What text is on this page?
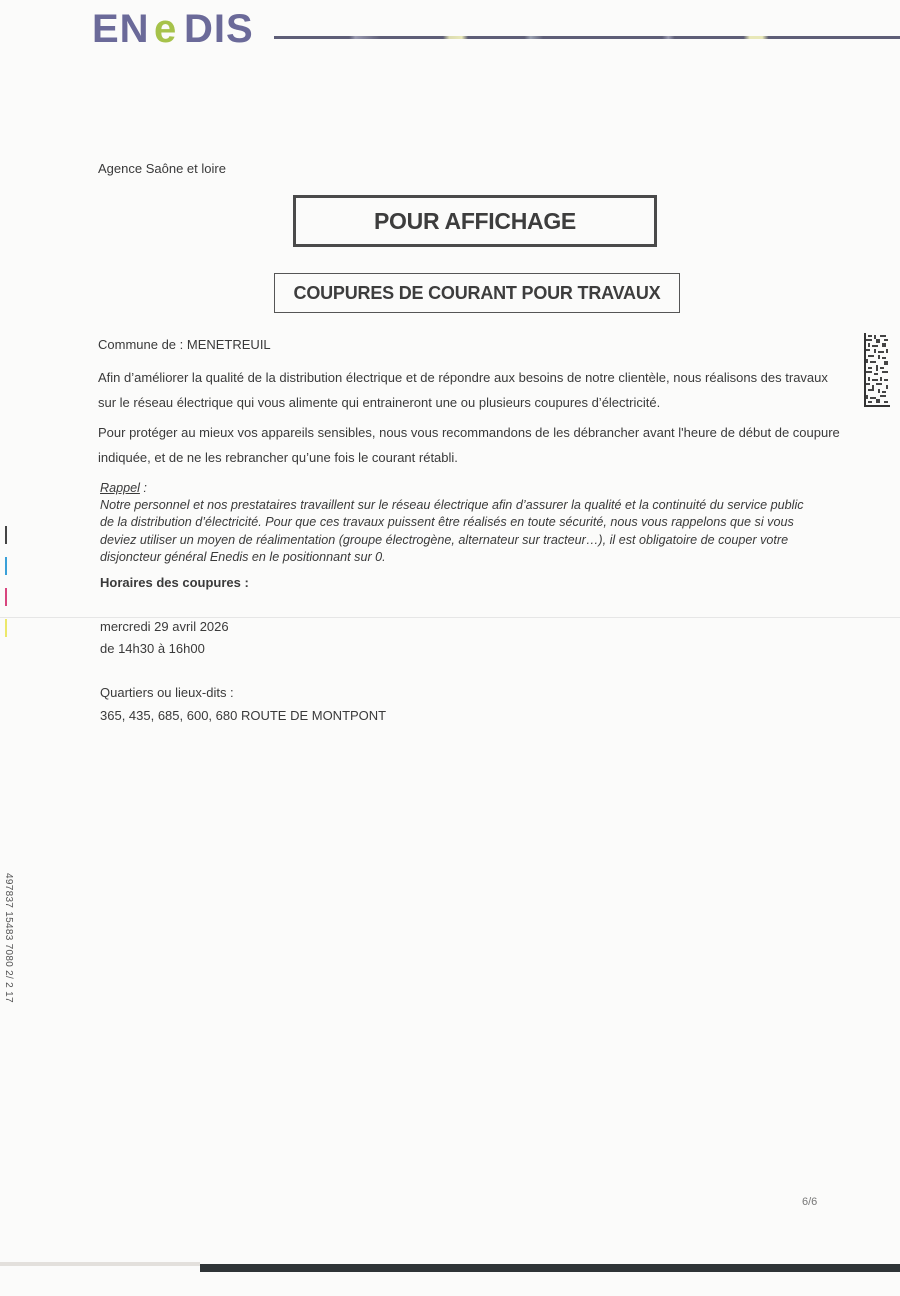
EN e DIS
Agence Saône et loire
POUR AFFICHAGE
COUPURES DE COURANT POUR TRAVAUX
Commune de : MENETREUIL
Afin d’améliorer la qualité de la distribution électrique et de répondre aux besoins de notre clientèle, nous réalisons des travaux
sur le réseau électrique qui vous alimente qui entraineront une ou plusieurs coupures d’électricité.
Pour protéger au mieux vos appareils sensibles, nous vous recommandons de les débrancher avant l'heure de début de coupure
indiquée, et de ne les rebrancher qu’une fois le courant rétabli.
Rappel :
Notre personnel et nos prestataires travaillent sur le réseau électrique afin d’assurer la qualité et la continuité du service public
de la distribution d’électricité. Pour que ces travaux puissent être réalisés en toute sécurité, nous vous rappelons que si vous
deviez utiliser un moyen de réalimentation (groupe électrogène, alternateur sur tracteur…), il est obligatoire de couper votre
disjoncteur général Enedis en le positionnant sur 0.
Horaires des coupures :
mercredi 29 avril 2026
de 14h30 à 16h00
Quartiers ou lieux-dits :
365, 435, 685, 600, 680 ROUTE DE MONTPONT
6/6
497837 15483 7080 2/ 2 17
